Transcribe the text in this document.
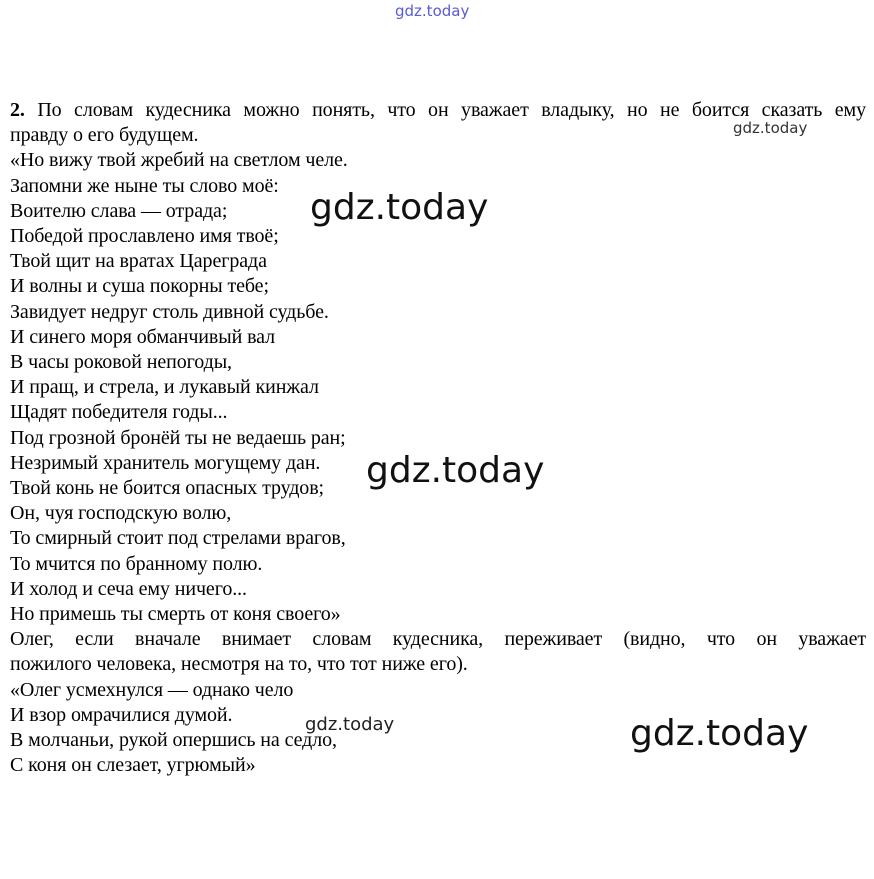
2. По словам кудесника можно понять, что он уважает владыку, но не боится сказать ему
правду о его будущем.
«Но вижу твой жребий на светлом челе.
Запомни же ныне ты слово моё:
Воителю слава — отрада;
Победой прославлено имя твоё;
Твой щит на вратах Цареграда
И волны и суша покорны тебе;
Завидует недруг столь дивной судьбе.
И синего моря обманчивый вал
В часы роковой непогоды,
И пращ, и стрела, и лукавый кинжал
Щадят победителя годы...
Под грозной бронёй ты не ведаешь ран;
Незримый хранитель могущему дан.
Твой конь не боится опасных трудов;
Он, чуя господскую волю,
То смирный стоит под стрелами врагов,
То мчится по бранному полю.
И холод и сеча ему ничего...
Но примешь ты смерть от коня своего»
Олег, если вначале внимает словам кудесника, переживает (видно, что он уважает
пожилого человека, несмотря на то, что тот ниже его).
«Олег усмехнулся — однако чело
И взор омрачилися думой.
В молчаньи, рукой опершись на седло,
С коня он слезает, угрюмый»
gdz.today
gdz.today
gdz.today
gdz.today
gdz.today	gdz.today
